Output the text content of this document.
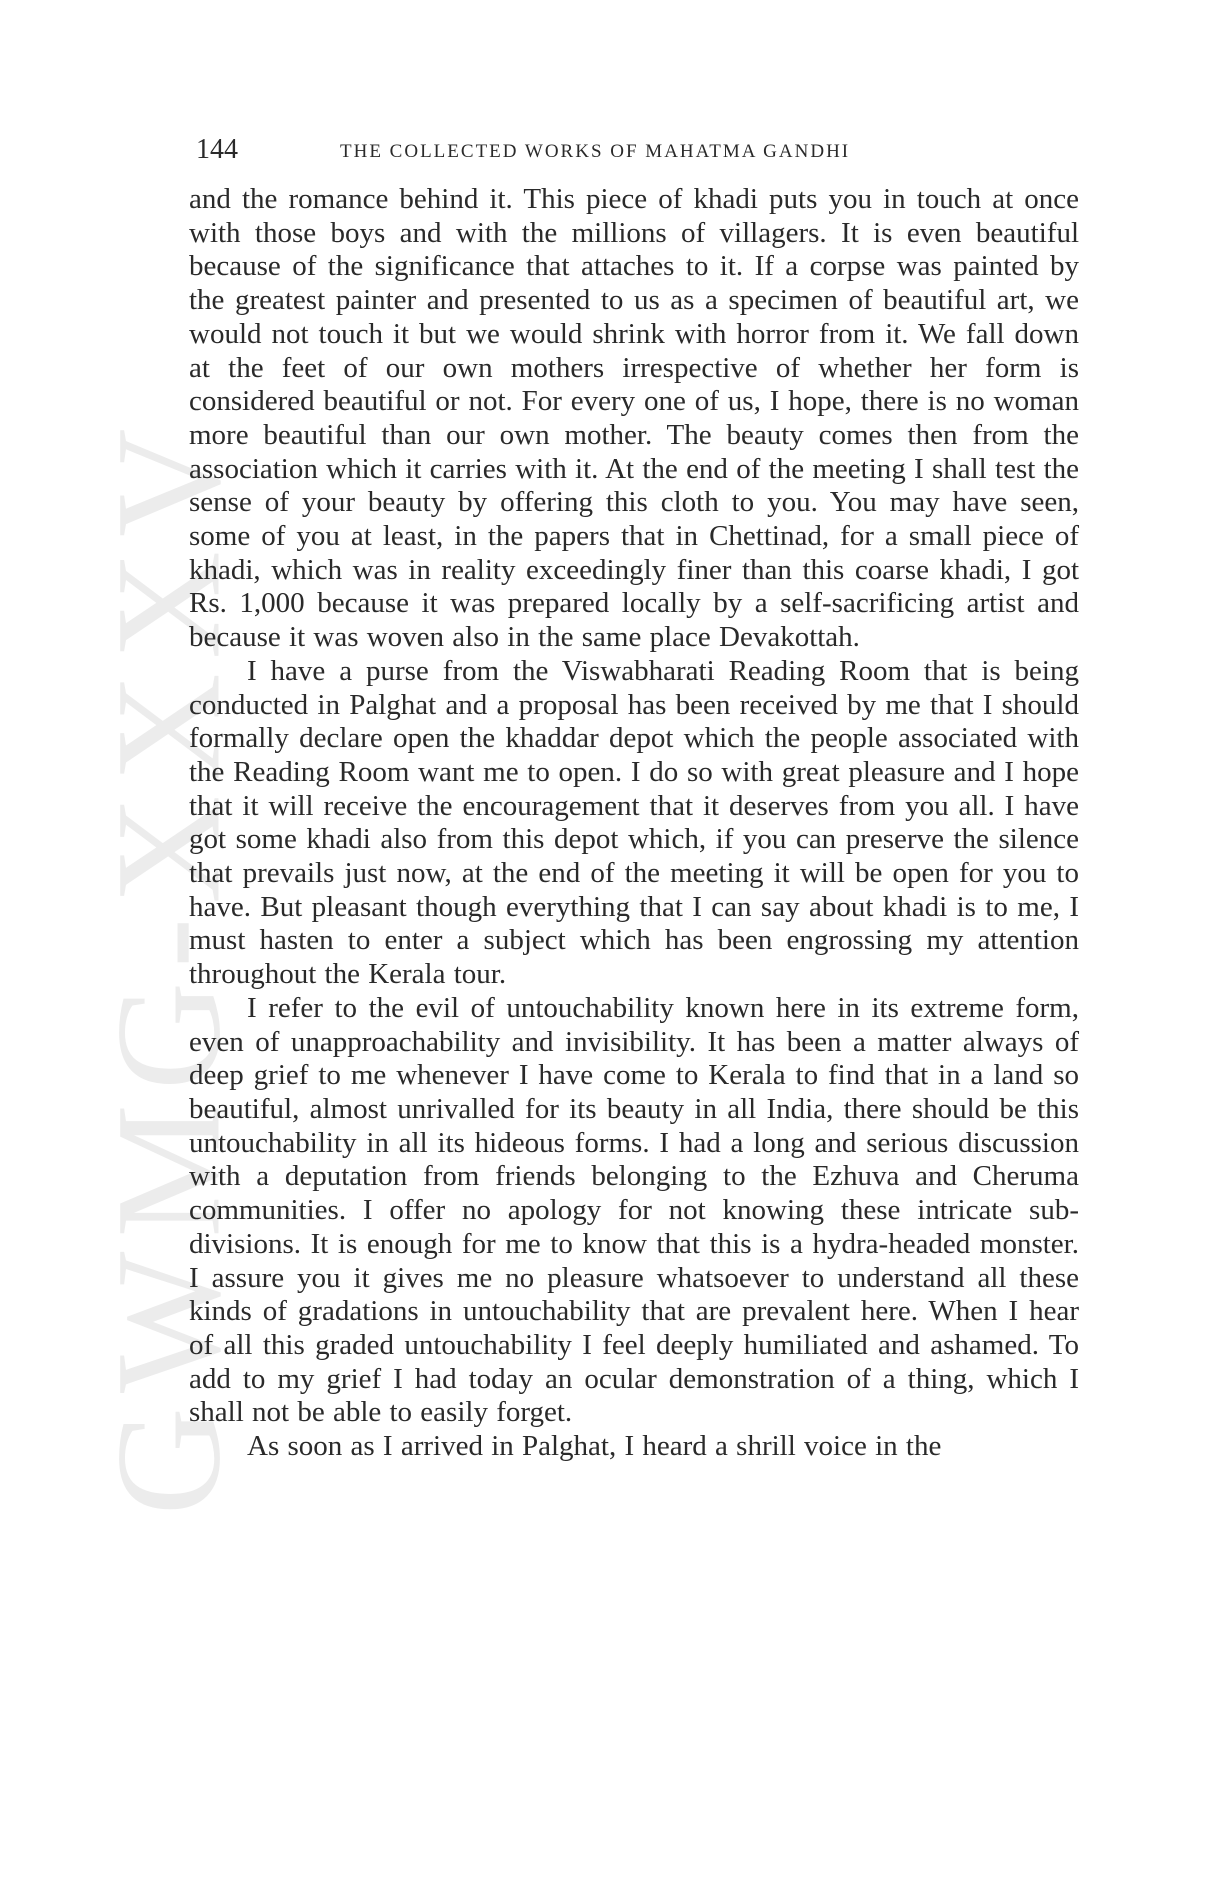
GWMG-XXXV
144	THE COLLECTED WORKS OF MAHATMA GANDHI

and the romance behind it. This piece of khadi puts you in touch at once with those boys and with the millions of villagers. It is even beautiful because of the significance that attaches to it. If a corpse was painted by the greatest painter and presented to us as a specimen of beautiful art, we would not touch it but we would shrink with horror from it. We fall down at the feet of our own mothers irrespective of whether her form is considered beautiful or not. For every one of us, I hope, there is no woman more beautiful than our own mother. The beauty comes then from the association which it carries with it. At the end of the meeting I shall test the sense of your beauty by offering this cloth to you. You may have seen, some of you at least, in the papers that in Chettinad, for a small piece of khadi, which was in reality exceedingly finer than this coarse khadi, I got Rs. 1,000 because it was prepared locally by a self-sacrificing artist and because it was woven also in the same place Devakottah.

I have a purse from the Viswabharati Reading Room that is being conducted in Palghat and a proposal has been received by me that I should formally declare open the khaddar depot which the people associated with the Reading Room want me to open. I do so with great pleasure and I hope that it will receive the encouragement that it deserves from you all. I have got some khadi also from this depot which, if you can preserve the silence that prevails just now, at the end of the meeting it will be open for you to have. But pleasant though everything that I can say about khadi is to me, I must hasten to enter a subject which has been engrossing my attention throughout the Kerala tour.

I refer to the evil of untouchability known here in its extreme form, even of unapproachability and invisibility. It has been a matter always of deep grief to me whenever I have come to Kerala to find that in a land so beautiful, almost unrivalled for its beauty in all India, there should be this untouchability in all its hideous forms. I had a long and serious discussion with a deputation from friends belonging to the Ezhuva and Cheruma communities. I offer no apology for not knowing these intricate sub-divisions. It is enough for me to know that this is a hydra-headed monster. I assure you it gives me no pleasure whatsoever to understand all these kinds of gradations in untouchability that are prevalent here. When I hear of all this graded untouchability I feel deeply humiliated and ashamed. To add to my grief I had today an ocular demonstration of a thing, which I shall not be able to easily forget.

As soon as I arrived in Palghat, I heard a shrill voice in the
